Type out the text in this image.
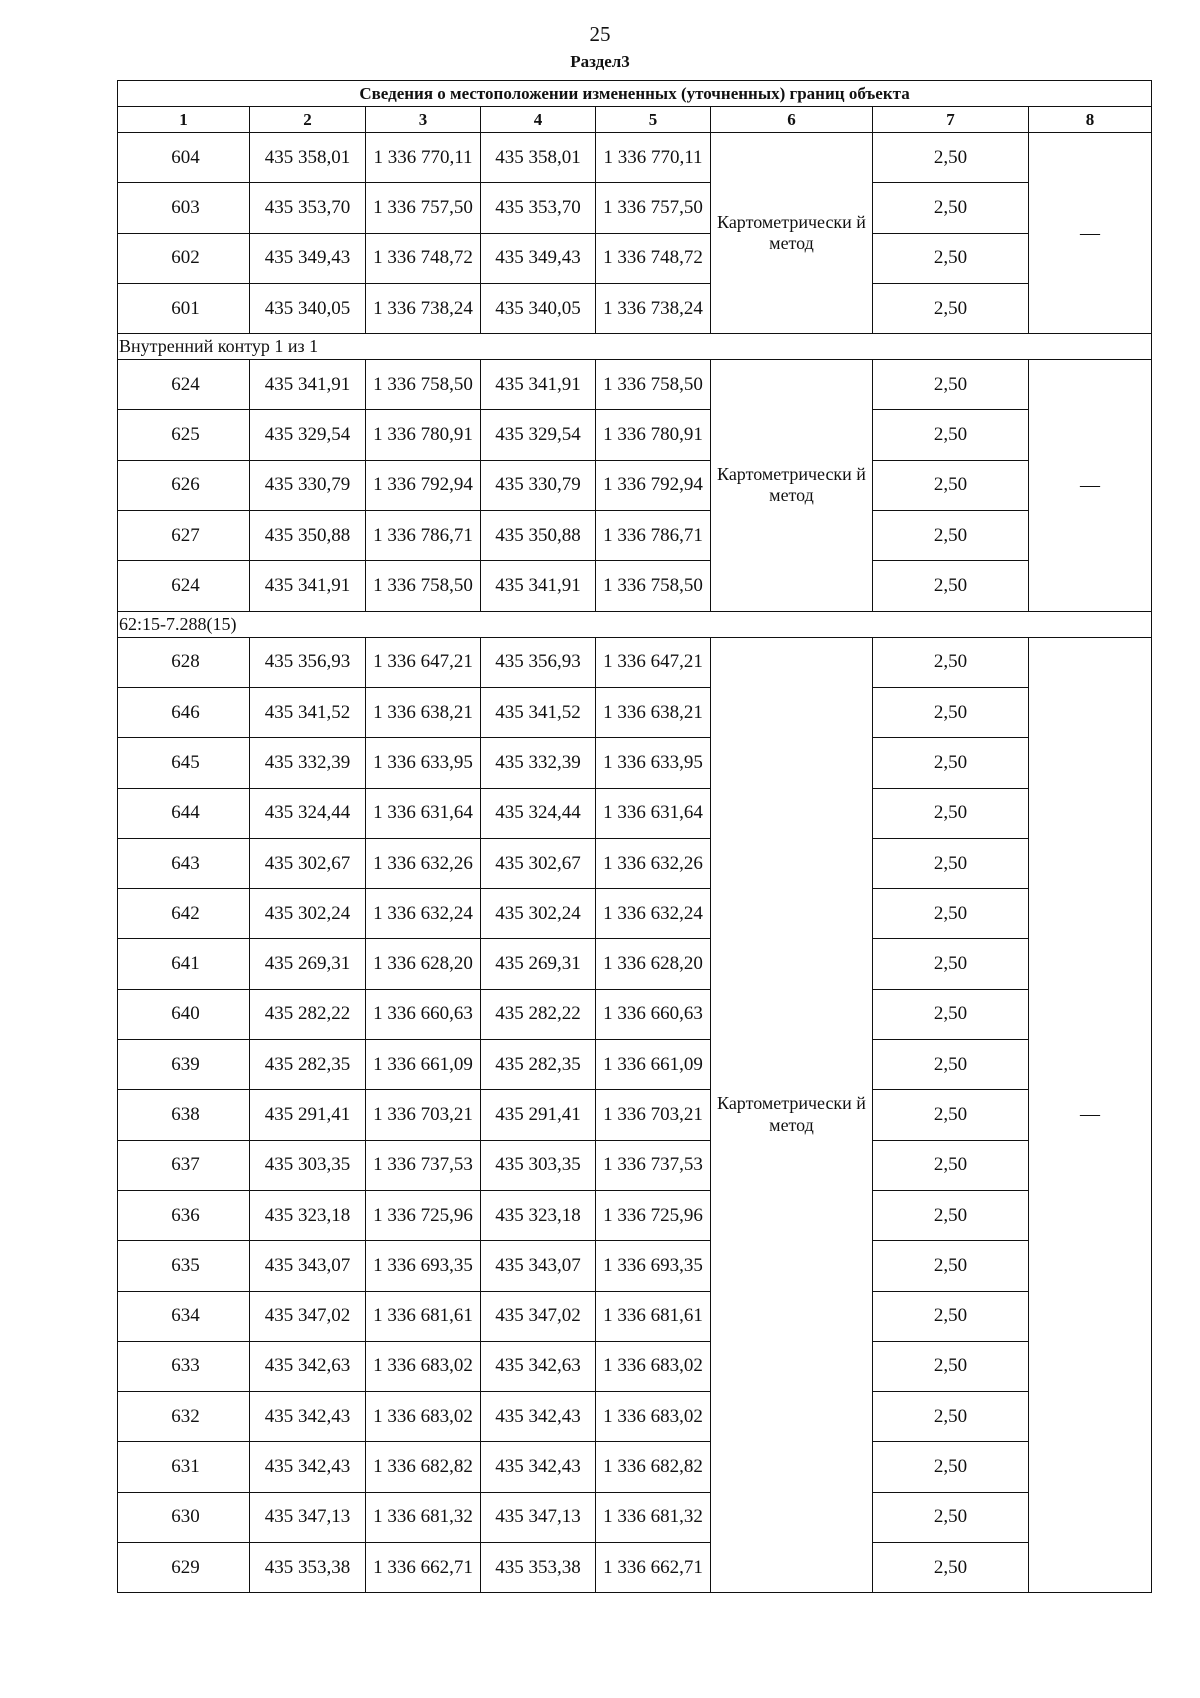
25
Раздел3
Сведения о местоположении измененных (уточненных) границ объекта							
1	2	3	4	5	6	7	8
604	435 358,01	1 336 770,11	435 358,01	1 336 770,11	Картометрически й метод	2,50	—
603	435 353,70	1 336 757,50	435 353,70	1 336 757,50		2,50	
602	435 349,43	1 336 748,72	435 349,43	1 336 748,72		2,50	
601	435 340,05	1 336 738,24	435 340,05	1 336 738,24		2,50	
Внутренний контур 1 из 1							
624	435 341,91	1 336 758,50	435 341,91	1 336 758,50	Картометрически й метод	2,50	—
625	435 329,54	1 336 780,91	435 329,54	1 336 780,91		2,50	
626	435 330,79	1 336 792,94	435 330,79	1 336 792,94		2,50	
627	435 350,88	1 336 786,71	435 350,88	1 336 786,71		2,50	
624	435 341,91	1 336 758,50	435 341,91	1 336 758,50		2,50	
62:15-7.288(15)							
628	435 356,93	1 336 647,21	435 356,93	1 336 647,21	Картометрически й метод	2,50	—
646	435 341,52	1 336 638,21	435 341,52	1 336 638,21		2,50	
645	435 332,39	1 336 633,95	435 332,39	1 336 633,95		2,50	
644	435 324,44	1 336 631,64	435 324,44	1 336 631,64		2,50	
643	435 302,67	1 336 632,26	435 302,67	1 336 632,26		2,50	
642	435 302,24	1 336 632,24	435 302,24	1 336 632,24		2,50	
641	435 269,31	1 336 628,20	435 269,31	1 336 628,20		2,50	
640	435 282,22	1 336 660,63	435 282,22	1 336 660,63		2,50	
639	435 282,35	1 336 661,09	435 282,35	1 336 661,09		2,50	
638	435 291,41	1 336 703,21	435 291,41	1 336 703,21		2,50	
637	435 303,35	1 336 737,53	435 303,35	1 336 737,53		2,50	
636	435 323,18	1 336 725,96	435 323,18	1 336 725,96		2,50	
635	435 343,07	1 336 693,35	435 343,07	1 336 693,35		2,50	
634	435 347,02	1 336 681,61	435 347,02	1 336 681,61		2,50	
633	435 342,63	1 336 683,02	435 342,63	1 336 683,02		2,50	
632	435 342,43	1 336 683,02	435 342,43	1 336 683,02		2,50	
631	435 342,43	1 336 682,82	435 342,43	1 336 682,82		2,50	
630	435 347,13	1 336 681,32	435 347,13	1 336 681,32		2,50	
629	435 353,38	1 336 662,71	435 353,38	1 336 662,71		2,50	
